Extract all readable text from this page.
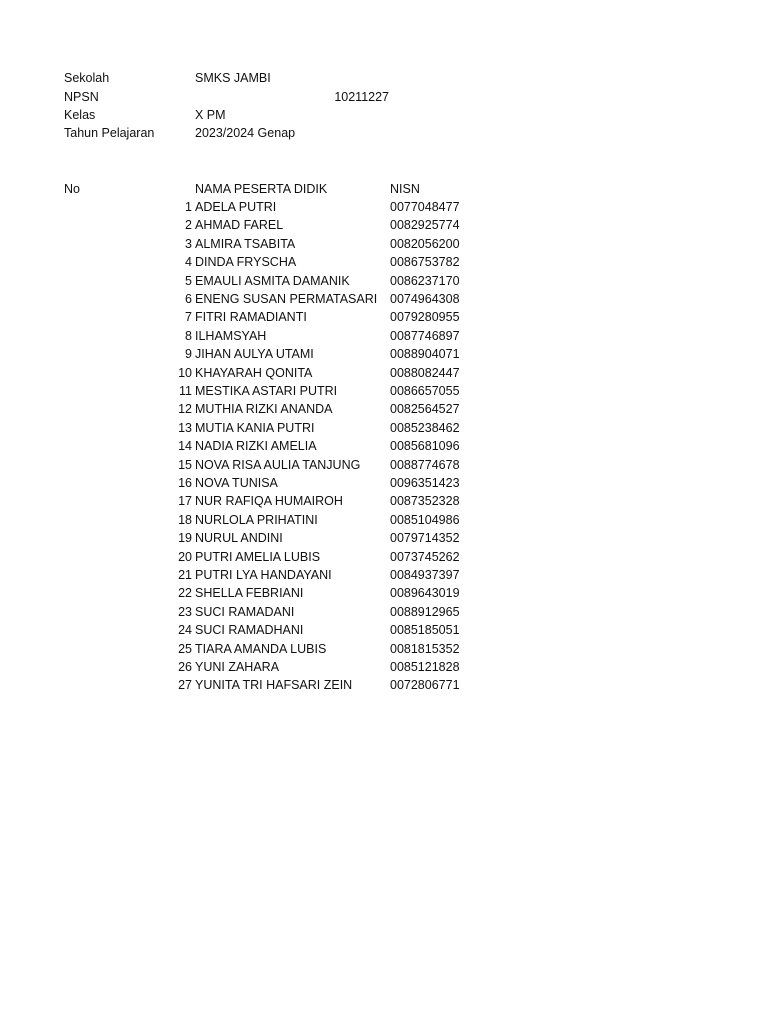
Sekolah	SMKS JAMBI
NPSN	10211227
Kelas	X PM
Tahun Pelajaran	2023/2024 Genap
No	NAMA PESERTA DIDIK	NISN
1 ADELA PUTRI	0077048477
2 AHMAD FAREL	0082925774
3 ALMIRA TSABITA	0082056200
4 DINDA FRYSCHA	0086753782
5 EMAULI ASMITA DAMANIK	0086237170
6 ENENG SUSAN PERMATASARI 0074964308
7 FITRI RAMADIANTI	0079280955
8 ILHAMSYAH	0087746897
9 JIHAN AULYA UTAMI	0088904071
10 KHAYARAH QONITA	0088082447
11 MESTIKA ASTARI PUTRI	0086657055
12 MUTHIA RIZKI ANANDA	0082564527
13 MUTIA KANIA PUTRI	0085238462
14 NADIA RIZKI AMELIA	0085681096
15 NOVA RISA AULIA TANJUNG 0088774678
16 NOVA TUNISA	0096351423
17 NUR RAFIQA HUMAIROH	0087352328
18 NURLOLA PRIHATINI	0085104986
19 NURUL ANDINI	0079714352
20 PUTRI AMELIA LUBIS	0073745262
21 PUTRI LYA HANDAYANI	0084937397
22 SHELLA FEBRIANI	0089643019
23 SUCI RAMADANI	0088912965
24 SUCI RAMADHANI	0085185051
25 TIARA AMANDA LUBIS	0081815352
26 YUNI ZAHARA	0085121828
27 YUNITA TRI HAFSARI ZEIN	0072806771
